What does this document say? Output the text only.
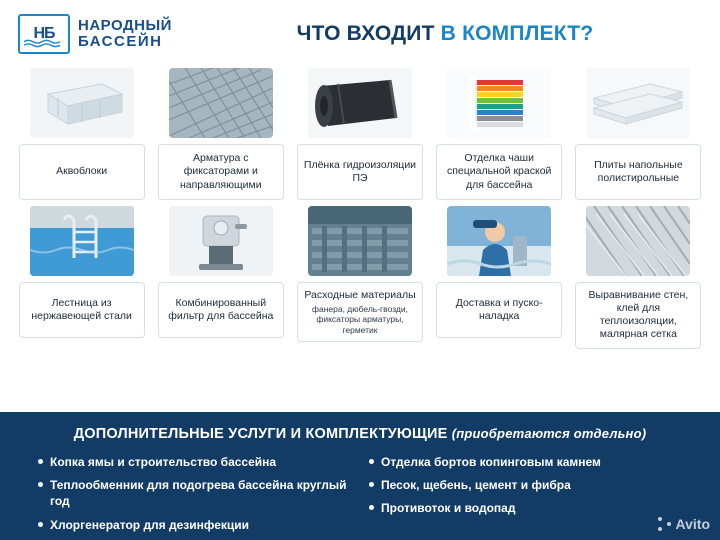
НБ НАРОДНЫЙ
БАССЕЙН	ЧТО ВХОДИТ В КОМПЛЕКТ?
Аквоблоки
Арматура с фиксаторами и направляющими
Плёнка гидроизоляции ПЭ
Отделка чаши специальной краской для бассейна
Плиты напольные полистирольные
Лестница из нержавеющей стали
Комбинированный фильтр для бассейна
Расходные материалы
фанера, дюбель-гвозди, фиксаторы арматуры, герметик
Доставка и пуско-наладка
Выравнивание стен, клей для теплоизоляции, малярная сетка
ДОПОЛНИТЕЛЬНЫЕ УСЛУГИ И КОМПЛЕКТУЮЩИЕ (приобретаются отдельно)
Копка ямы и строительство бассейна
Теплообменник для подогрева бассейна круглый год
Хлоргенератор для дезинфекции
Отделка бортов копинговым камнем
Песок, щебень, цемент и фибра
Противоток и водопад
Avito
